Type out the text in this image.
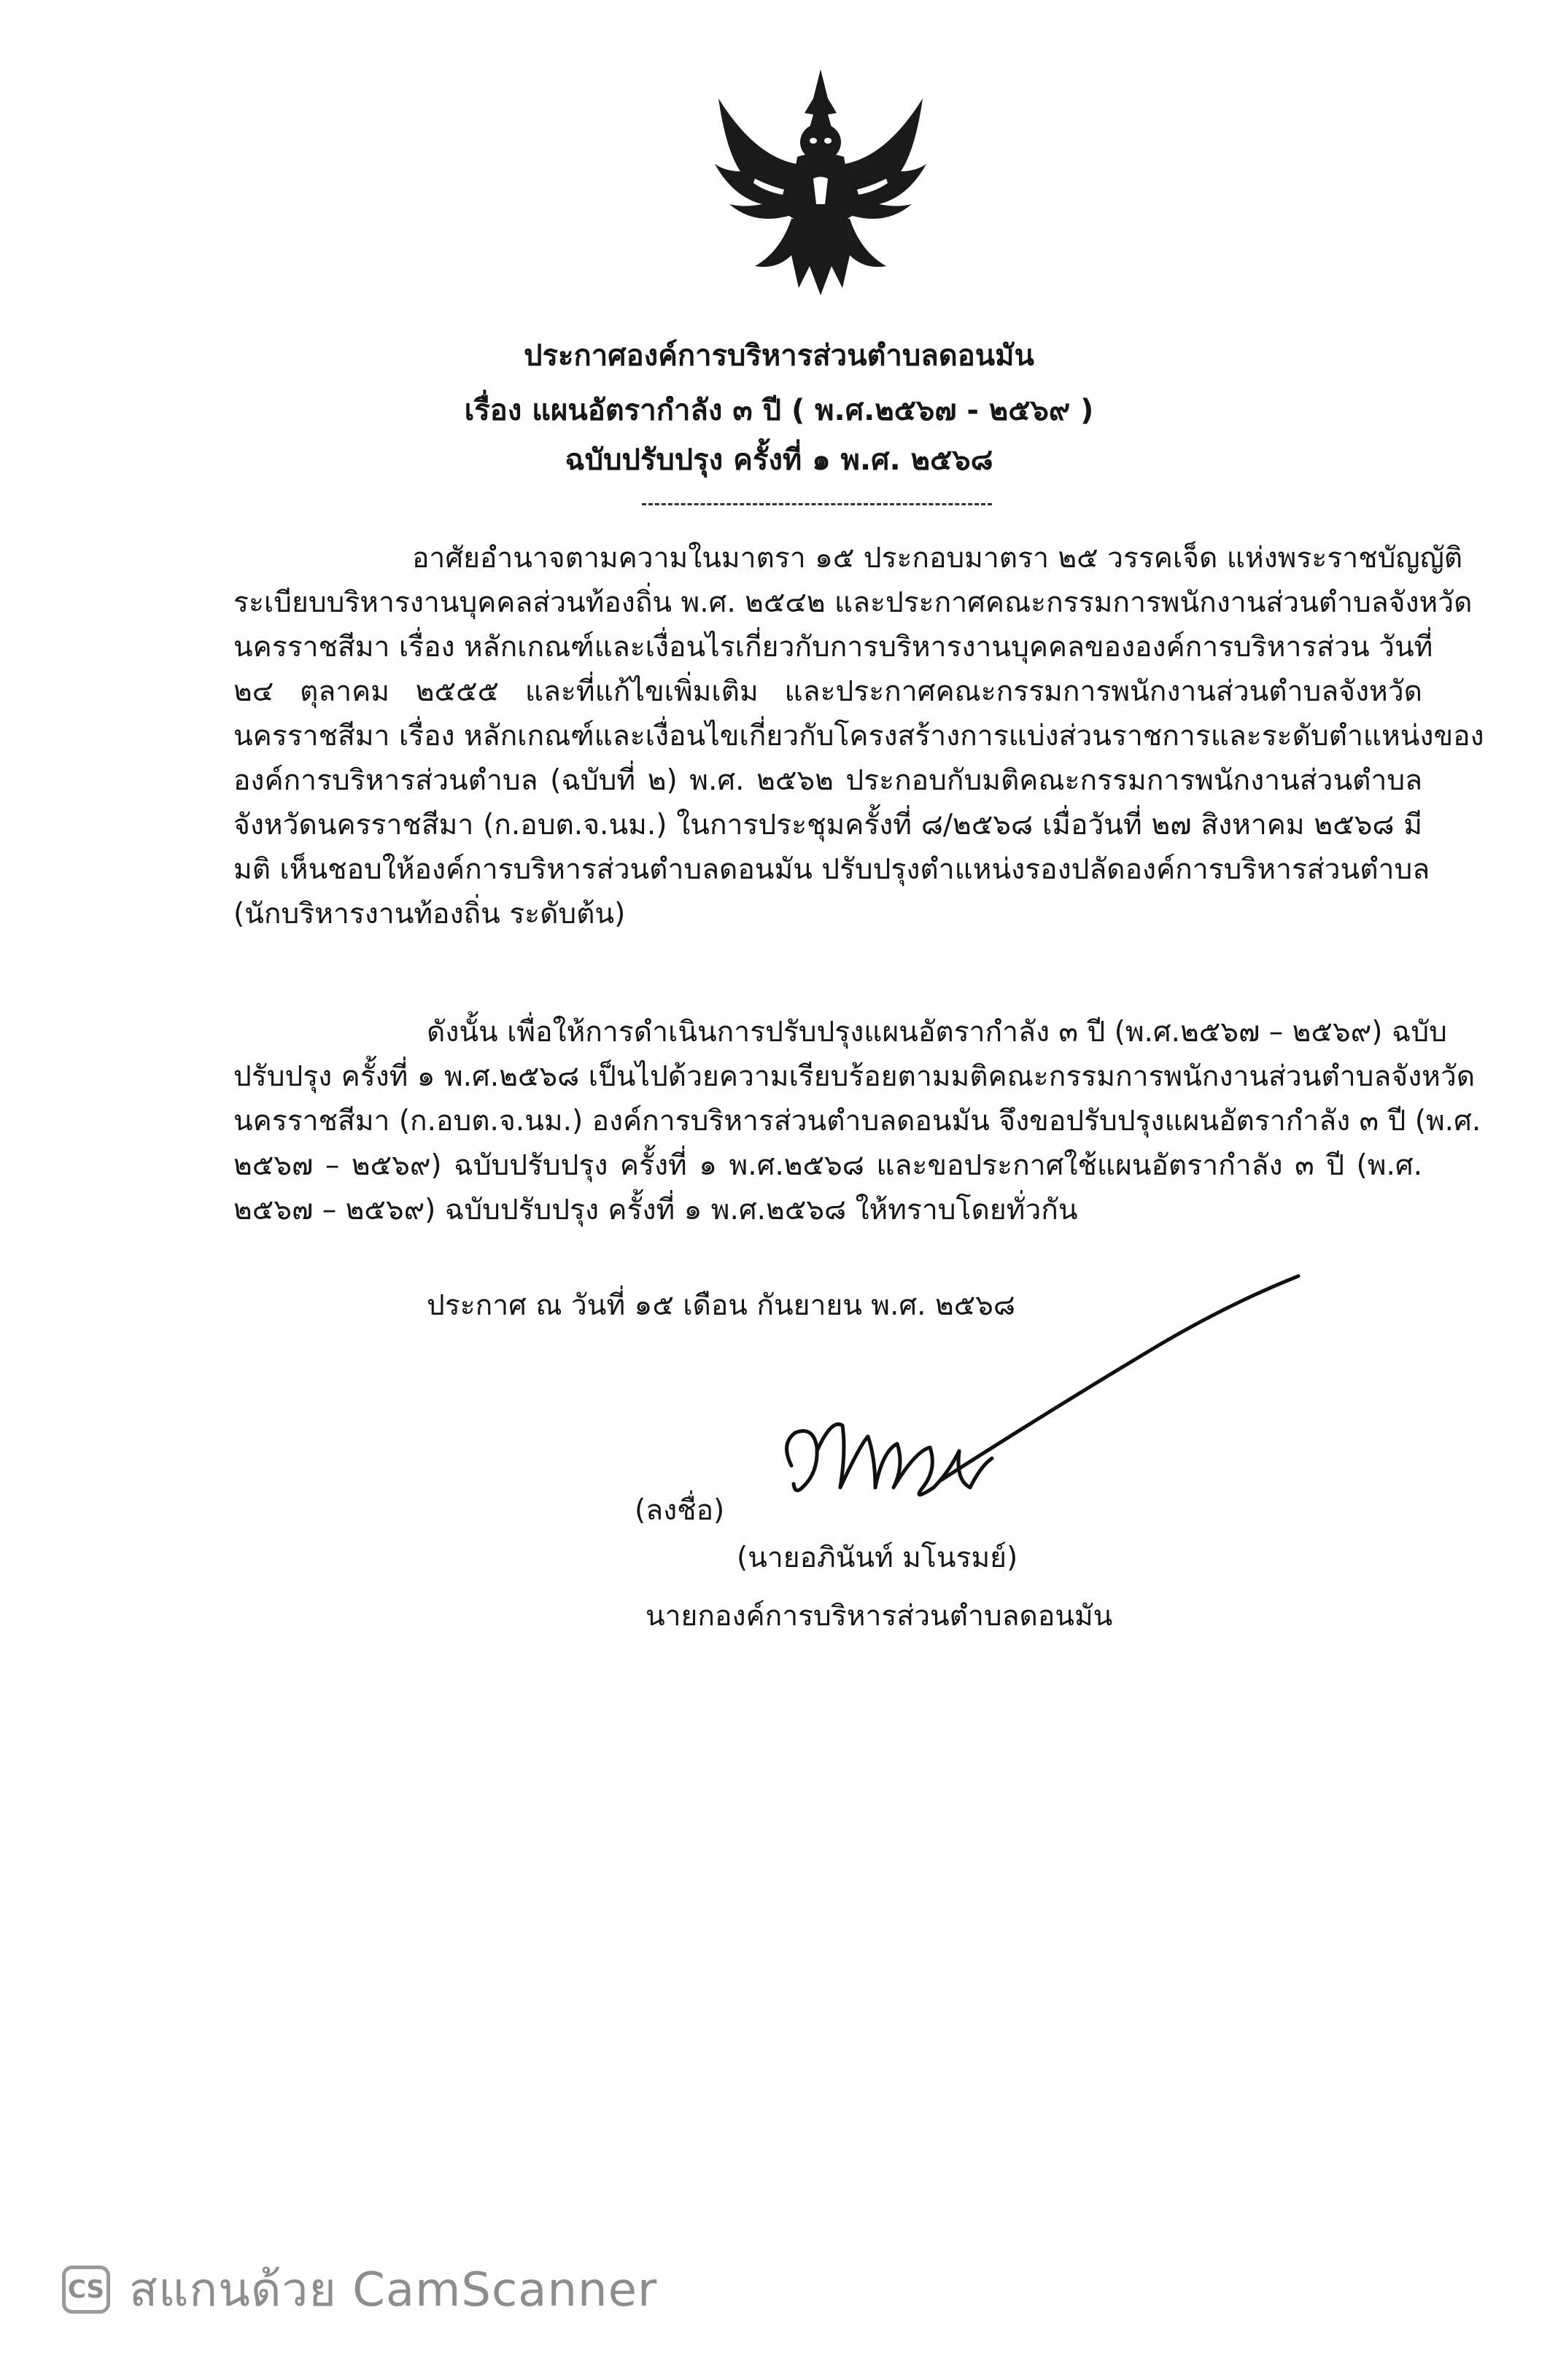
ประกาศองค์การบริหารส่วนตำบลดอนมัน
เรื่อง แผนอัตรากำลัง ๓ ปี ( พ.ศ.๒๕๖๗ - ๒๕๖๙ )
ฉบับปรับปรุง ครั้งที่ ๑ พ.ศ. ๒๕๖๘

อาศัยอำนาจตามความในมาตรา ๑๕ ประกอบมาตรา ๒๕ วรรคเจ็ด แห่งพระราชบัญญัติ

ระเบียบบริหารงานบุคคลส่วนท้องถิ่น พ.ศ. ๒๕๔๒ และประกาศคณะกรรมการพนักงานส่วนตำบลจังหวัด

นครราชสีมา เรื่อง หลักเกณฑ์และเงื่อนไรเกี่ยวกับการบริหารงานบุคคลขององค์การบริหารส่วน วันที่

๒๔ ตุลาคม ๒๕๕๕ และที่แก้ไขเพิ่มเติม และประกาศคณะกรรมการพนักงานส่วนตำบลจังหวัด

นครราชสีมา เรื่อง หลักเกณฑ์และเงื่อนไขเกี่ยวกับโครงสร้างการแบ่งส่วนราชการและระดับตำแหน่งของ

องค์การบริหารส่วนตำบล (ฉบับที่ ๒) พ.ศ. ๒๕๖๒ ประกอบกับมติคณะกรรมการพนักงานส่วนตำบล

จังหวัดนครราชสีมา (ก.อบต.จ.นม.) ในการประชุมครั้งที่ ๘/๒๕๖๘ เมื่อวันที่ ๒๗ สิงหาคม ๒๕๖๘ มี

มติ เห็นชอบให้องค์การบริหารส่วนตำบลดอนมัน ปรับปรุงตำแหน่งรองปลัดองค์การบริหารส่วนตำบล

(นักบริหารงานท้องถิ่น ระดับต้น)

ดังนั้น เพื่อให้การดำเนินการปรับปรุงแผนอัตรากำลัง ๓ ปี (พ.ศ.๒๕๖๗ – ๒๕๖๙) ฉบับ

ปรับปรุง ครั้งที่ ๑ พ.ศ.๒๕๖๘ เป็นไปด้วยความเรียบร้อยตามมติคณะกรรมการพนักงานส่วนตำบลจังหวัด

นครราชสีมา (ก.อบต.จ.นม.) องค์การบริหารส่วนตำบลดอนมัน จึงขอปรับปรุงแผนอัตรากำลัง ๓ ปี (พ.ศ.

๒๕๖๗ – ๒๕๖๙) ฉบับปรับปรุง ครั้งที่ ๑ พ.ศ.๒๕๖๘ และขอประกาศใช้แผนอัตรากำลัง ๓ ปี (พ.ศ.

๒๕๖๗ – ๒๕๖๙) ฉบับปรับปรุง ครั้งที่ ๑ พ.ศ.๒๕๖๘ ให้ทราบโดยทั่วกัน

ประกาศ ณ วันที่ ๑๕ เดือน กันยายน พ.ศ. ๒๕๖๘

(ลงชื่อ)
(นายอภินันท์ มโนรมย์)
นายกองค์การบริหารส่วนตำบลดอนมัน
CS สแกนด้วย CamScanner
